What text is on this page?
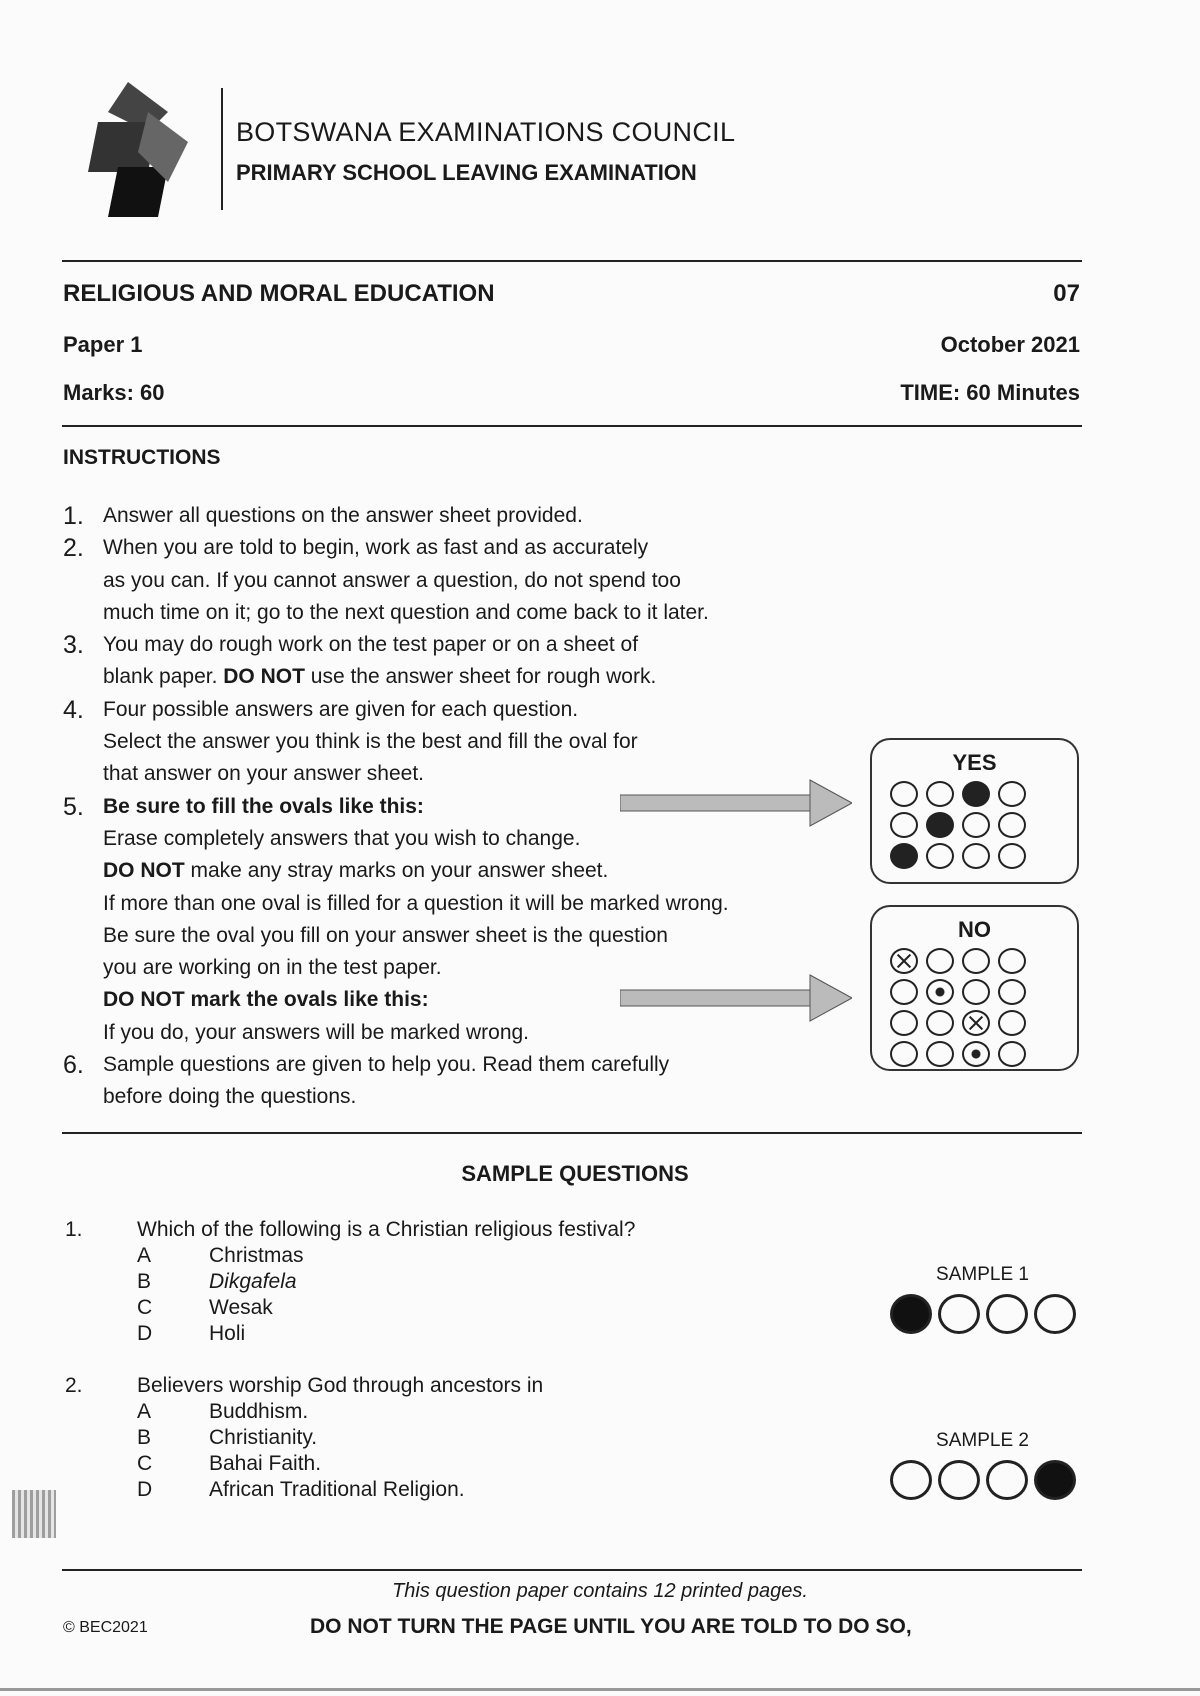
BOTSWANA EXAMINATIONS COUNCIL
PRIMARY SCHOOL LEAVING EXAMINATION
RELIGIOUS AND MORAL EDUCATION	07
Paper 1	October 2021
Marks: 60	TIME: 60 Minutes
INSTRUCTIONS
1. Answer all questions on the answer sheet provided.
2. When you are told to begin, work as fast and as accurately
as you can. If you cannot answer a question, do not spend too
much time on it; go to the next question and come back to it later.
3. You may do rough work on the test paper or on a sheet of
blank paper. DO NOT use the answer sheet for rough work.
4. Four possible answers are given for each question.
Select the answer you think is the best and fill the oval for
that answer on your answer sheet.
5. Be sure to fill the ovals like this:
Erase completely answers that you wish to change.
DO NOT make any stray marks on your answer sheet.
If more than one oval is filled for a question it will be marked wrong.
Be sure the oval you fill on your answer sheet is the question
you are working on in the test paper.
DO NOT mark the ovals like this:
If you do, your answers will be marked wrong.
6. Sample questions are given to help you. Read them carefully
before doing the questions.
YES
NO
SAMPLE QUESTIONS
1.	Which of the following is a Christian religious festival?
A	Christmas
B	Dikgafela
C	Wesak
D	Holi
SAMPLE 1
2.	Believers worship God through ancestors in
A	Buddhism.
B	Christianity.
C	Bahai Faith.
D	African Traditional Religion.
SAMPLE 2
This question paper contains 12 printed pages.
© BEC2021	DO NOT TURN THE PAGE UNTIL YOU ARE TOLD TO DO SO,
